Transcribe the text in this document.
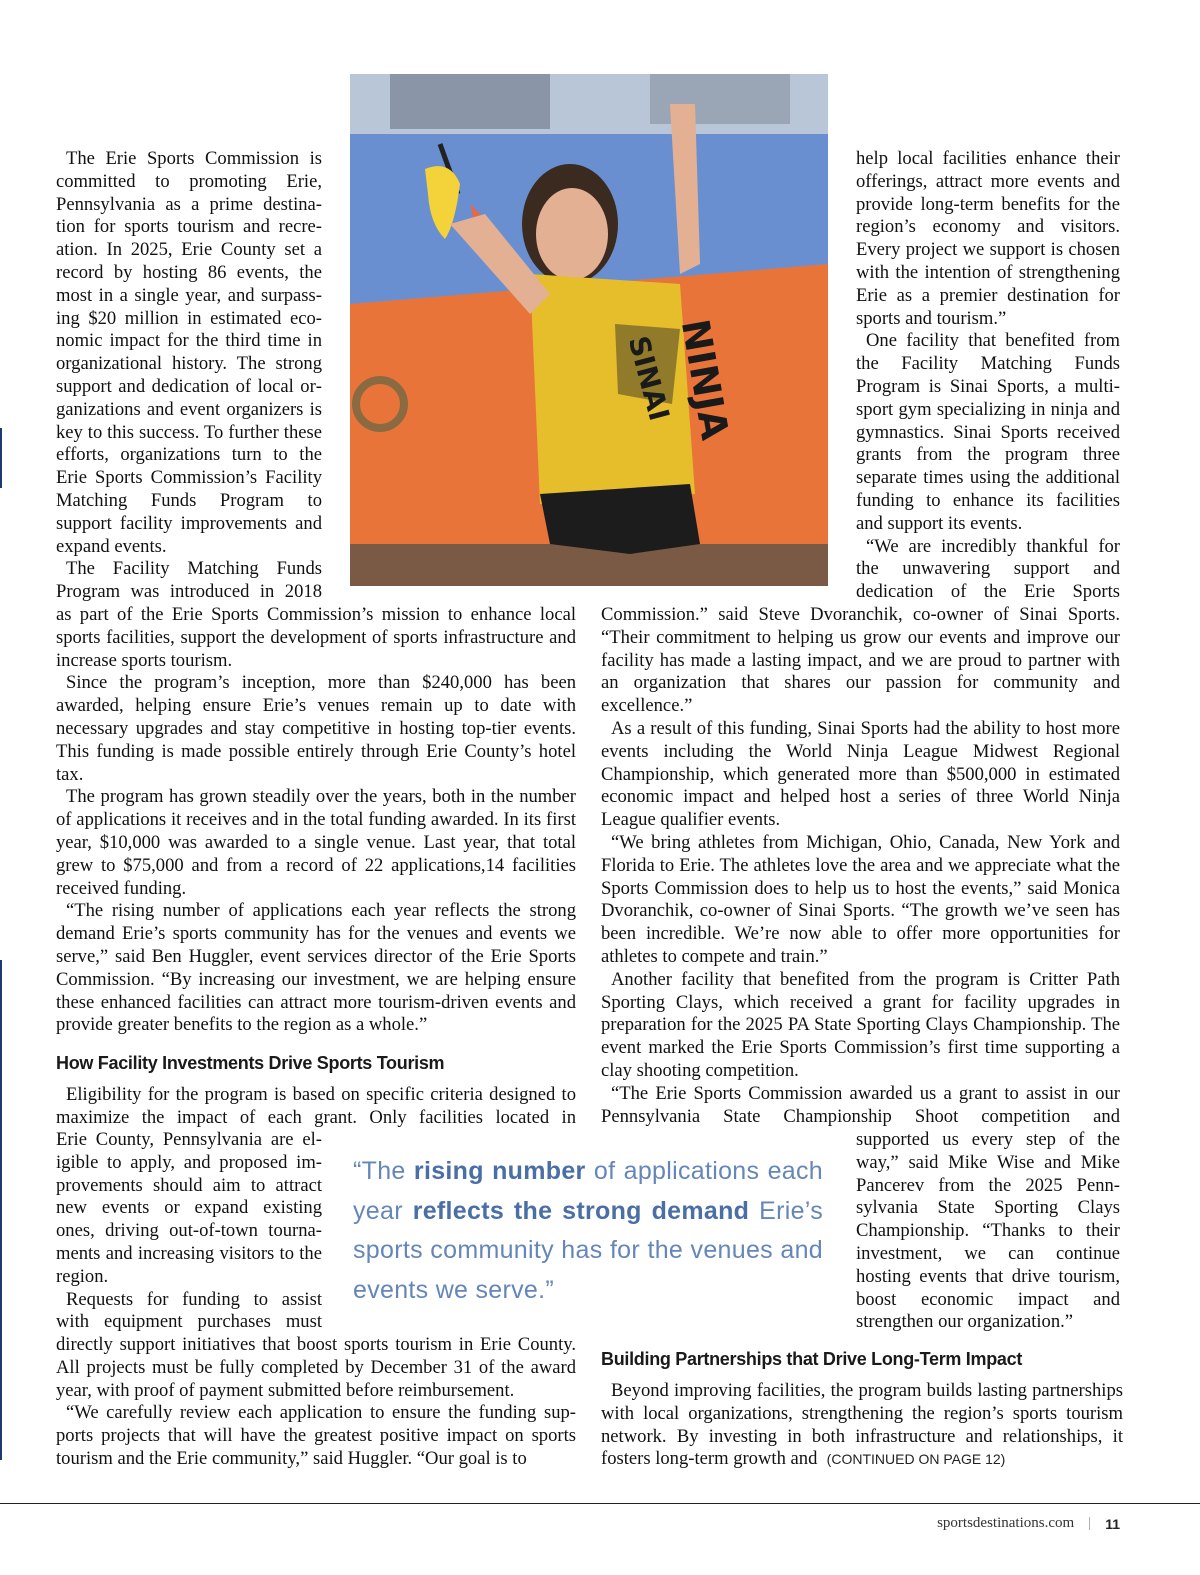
The Erie Sports Commission is committed to promoting Erie, Pennsylvania as a prime destination for sports tourism and recreation. In 2025, Erie County set a record by hosting 86 events, the most in a single year, and surpassing $20 million in estimated economic impact for the third time in organizational history. The strong support and dedication of local organizations and event organizers is key to this success. To further these efforts, organizations turn to the Erie Sports Commission’s Facility Matching Funds Program to support facility improvements and expand events.

The Facility Matching Funds Program was introduced in 2018

as part of the Erie Sports Commission’s mission to enhance local sports facilities, support the development of sports infrastructure and increase sports tourism.

Since the program’s inception, more than $240,000 has been awarded, helping ensure Erie’s venues remain up to date with necessary upgrades and stay competitive in hosting top-tier events. This funding is made possible entirely through Erie County’s hotel tax.

The program has grown steadily over the years, both in the number of applications it receives and in the total funding awarded. In its first year, $10,000 was awarded to a single venue. Last year, that total grew to $75,000 and from a record of 22 applications,14 facilities received funding.

“The rising number of applications each year reflects the strong demand Erie’s sports community has for the venues and events we serve,” said Ben Huggler, event services director of the Erie Sports Commission. “By increasing our investment, we are helping ensure these enhanced facilities can attract more tourism-driven events and provide greater benefits to the region as a whole.”

How Facility Investments Drive Sports Tourism

Eligibility for the program is based on specific criteria designed to maximize the impact of each grant. Only facilities located in

Erie County, Pennsylvania are eligible to apply, and proposed improvements should aim to attract new events or expand existing ones, driving out-of-town tournaments and increasing visitors to the region.

Requests for funding to assist with equipment purchases must

directly support initiatives that boost sports tourism in Erie County. All projects must be fully completed by December 31 of the award year, with proof of payment submitted before reimbursement.

“We carefully review each application to ensure the funding supports projects that will have the greatest positive impact on sports tourism and the Erie community,” said Huggler. “Our goal is to

SINAI
NINJA

help local facilities enhance their offerings, attract more events and provide long-term benefits for the region’s economy and visitors. Every project we support is chosen with the intention of strengthening Erie as a premier destination for sports and tourism.”

One facility that benefited from the Facility Matching Funds Program is Sinai Sports, a multi-sport gym specializing in ninja and gymnastics. Sinai Sports received grants from the program three separate times using the additional funding to enhance its facilities and support its events.

“We are incredibly thankful for the unwavering support and dedication of the Erie Sports

Commission.” said Steve Dvoranchik, co-owner of Sinai Sports. “Their commitment to helping us grow our events and improve our facility has made a lasting impact, and we are proud to partner with an organization that shares our passion for community and excellence.”

As a result of this funding, Sinai Sports had the ability to host more events including the World Ninja League Midwest Regional Championship, which generated more than $500,000 in estimated economic impact and helped host a series of three World Ninja League qualifier events.

“We bring athletes from Michigan, Ohio, Canada, New York and Florida to Erie. The athletes love the area and we appreciate what the Sports Commission does to help us to host the events,” said Monica Dvoranchik, co-owner of Sinai Sports. “The growth we’ve seen has been incredible. We’re now able to offer more opportunities for athletes to compete and train.”

Another facility that benefited from the program is Critter Path Sporting Clays, which received a grant for facility upgrades in preparation for the 2025 PA State Sporting Clays Championship. The event marked the Erie Sports Commission’s first time supporting a clay shooting competition.

“The Erie Sports Commission awarded us a grant to assist in our Pennsylvania State Championship Shoot competition and

supported us every step of the way,” said Mike Wise and Mike Pancerev from the 2025 Pennsylvania State Sporting Clays Championship. “Thanks to their investment, we can continue hosting events that drive tourism, boost economic impact and strengthen our organization.”

Building Partnerships that Drive Long-Term Impact

Beyond improving facilities, the program builds lasting partnerships with local organizations, strengthening the region’s sports tourism network. By investing in both infrastructure and relationships, it fosters long-term growth and (CONTINUED ON PAGE 12)

“The rising number of applications each year reflects the strong demand Erie’s sports community has for the venues and events we serve.”
sportsdestinations.com | 11
